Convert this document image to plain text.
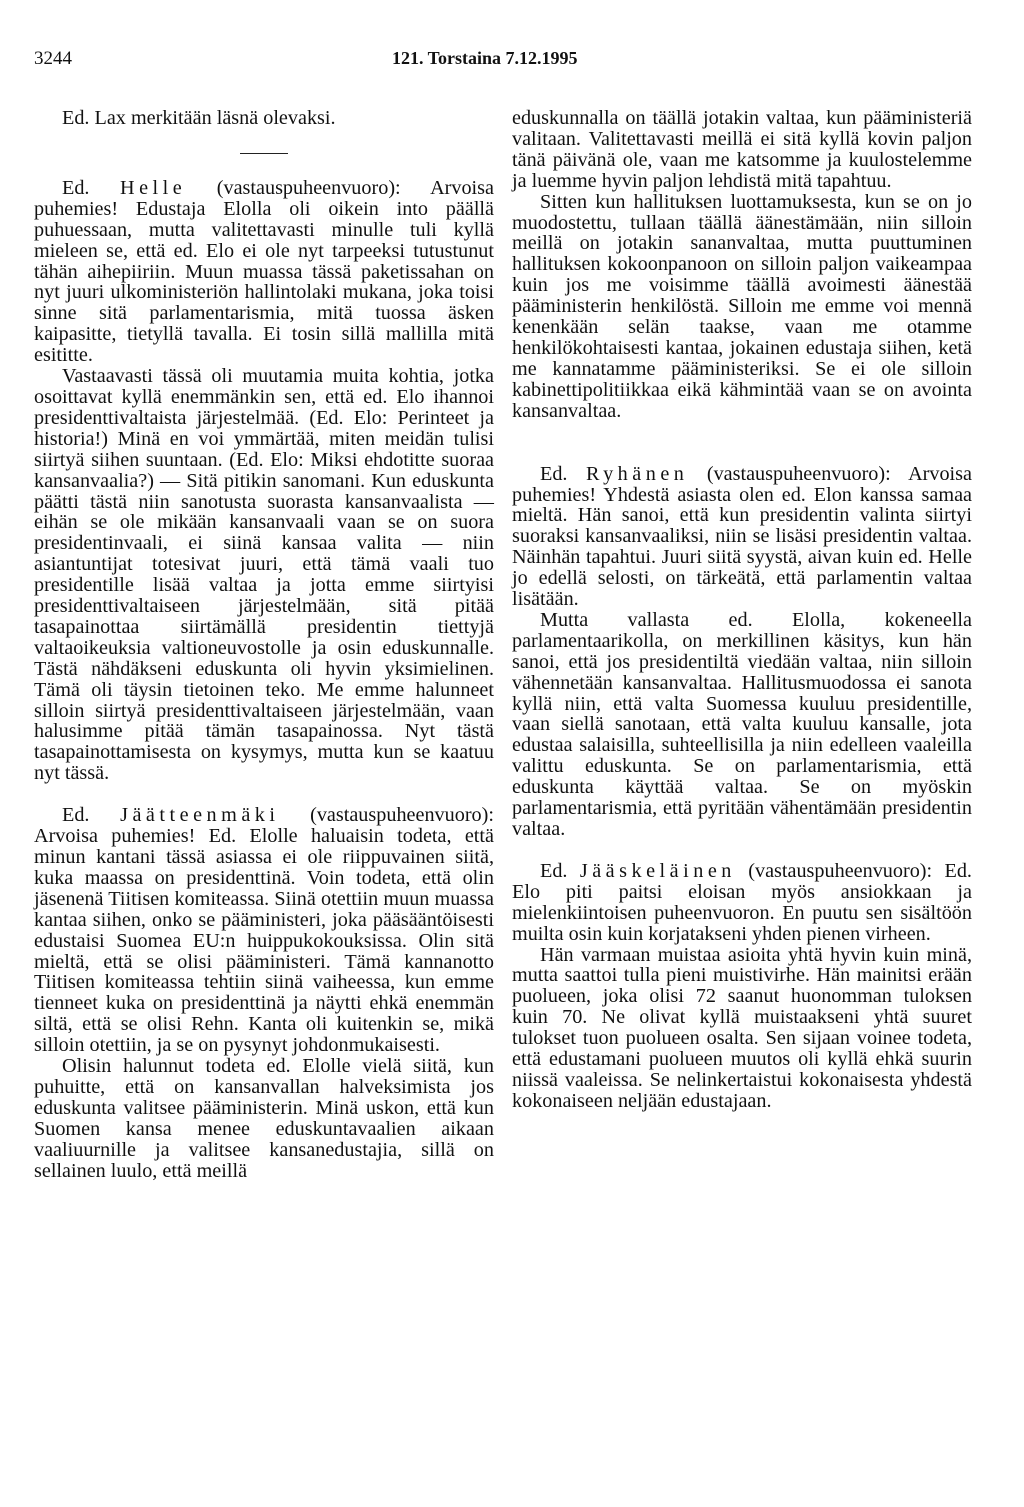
3244	121. Torstaina 7.12.1995

Ed. Lax merkitään läsnä olevaksi.

Ed. Helle (vastauspuheenvuoro): Arvoisa puhemies! Edustaja Elolla oli oikein into päällä puhuessaan, mutta valitettavasti minulle tuli kyllä mieleen se, että ed. Elo ei ole nyt tarpeeksi tutustunut tähän aihepiiriin. Muun muassa tässä paketissahan on nyt juuri ulkoministeriön hallintolaki mukana, joka toisi sinne sitä parlamentarismia, mitä tuossa äsken kaipasitte, tietyllä tavalla. Ei tosin sillä mallilla mitä esititte.

Vastaavasti tässä oli muutamia muita kohtia, jotka osoittavat kyllä enemmänkin sen, että ed. Elo ihannoi presidenttivaltaista järjestelmää. (Ed. Elo: Perinteet ja historia!) Minä en voi ymmärtää, miten meidän tulisi siirtyä siihen suuntaan. (Ed. Elo: Miksi ehdotitte suoraa kansanvaalia?) — Sitä pitikin sanomani. Kun eduskunta päätti tästä niin sanotusta suorasta kansanvaalista — eihän se ole mikään kansanvaali vaan se on suora presidentinvaali, ei siinä kansaa valita — niin asiantuntijat totesivat juuri, että tämä vaali tuo presidentille lisää valtaa ja jotta emme siirtyisi presidenttivaltaiseen järjestelmään, sitä pitää tasapainottaa siirtämällä presidentin tiettyjä valtaoikeuksia valtioneuvostolle ja osin eduskunnalle. Tästä nähdäkseni eduskunta oli hyvin yksimielinen. Tämä oli täysin tietoinen teko. Me emme halunneet silloin siirtyä presidenttivaltaiseen järjestelmään, vaan halusimme pitää tämän tasapainossa. Nyt tästä tasapainottamisesta on kysymys, mutta kun se kaatuu nyt tässä.

Ed. Jäätteenmäki (vastauspuheenvuoro): Arvoisa puhemies! Ed. Elolle haluaisin todeta, että minun kantani tässä asiassa ei ole riippuvainen siitä, kuka maassa on presidenttinä. Voin todeta, että olin jäsenenä Tiitisen komiteassa. Siinä otettiin muun muassa kantaa siihen, onko se pääministeri, joka pääsääntöisesti edustaisi Suomea EU:n huippukokouksissa. Olin sitä mieltä, että se olisi pääministeri. Tämä kannanotto Tiitisen komiteassa tehtiin siinä vaiheessa, kun emme tienneet kuka on presidenttinä ja näytti ehkä enemmän siltä, että se olisi Rehn. Kanta oli kuitenkin se, mikä silloin otettiin, ja se on pysynyt johdonmukaisesti.

Olisin halunnut todeta ed. Elolle vielä siitä, kun puhuitte, että on kansanvallan halveksimista jos eduskunta valitsee pääministerin. Minä uskon, että kun Suomen kansa menee eduskuntavaalien aikaan vaaliuurnille ja valitsee kansanedustajia, sillä on sellainen luulo, että meillä

eduskunnalla on täällä jotakin valtaa, kun pääministeriä valitaan. Valitettavasti meillä ei sitä kyllä kovin paljon tänä päivänä ole, vaan me katsomme ja kuulostelemme ja luemme hyvin paljon lehdistä mitä tapahtuu.

Sitten kun hallituksen luottamuksesta, kun se on jo muodostettu, tullaan täällä äänestämään, niin silloin meillä on jotakin sananvaltaa, mutta puuttuminen hallituksen kokoonpanoon on silloin paljon vaikeampaa kuin jos me voisimme täällä avoimesti äänestää pääministerin henkilöstä. Silloin me emme voi mennä kenenkään selän taakse, vaan me otamme henkilökohtaisesti kantaa, jokainen edustaja siihen, ketä me kannatamme pääministeriksi. Se ei ole silloin kabinettipolitiikkaa eikä kähmintää vaan se on avointa kansanvaltaa.

Ed. Ryhänen (vastauspuheenvuoro): Arvoisa puhemies! Yhdestä asiasta olen ed. Elon kanssa samaa mieltä. Hän sanoi, että kun presidentin valinta siirtyi suoraksi kansanvaaliksi, niin se lisäsi presidentin valtaa. Näinhän tapahtui. Juuri siitä syystä, aivan kuin ed. Helle jo edellä selosti, on tärkeätä, että parlamentin valtaa lisätään.

Mutta vallasta ed. Elolla, kokeneella parlamentaarikolla, on merkillinen käsitys, kun hän sanoi, että jos presidentiltä viedään valtaa, niin silloin vähennetään kansanvaltaa. Hallitusmuodossa ei sanota kyllä niin, että valta Suomessa kuuluu presidentille, vaan siellä sanotaan, että valta kuuluu kansalle, jota edustaa salaisilla, suhteellisilla ja niin edelleen vaaleilla valittu eduskunta. Se on parlamentarismia, että eduskunta käyttää valtaa. Se on myöskin parlamentarismia, että pyritään vähentämään presidentin valtaa.

Ed. Jääskeläinen (vastauspuheenvuoro): Ed. Elo piti paitsi eloisan myös ansiokkaan ja mielenkiintoisen puheenvuoron. En puutu sen sisältöön muilta osin kuin korjatakseni yhden pienen virheen.

Hän varmaan muistaa asioita yhtä hyvin kuin minä, mutta saattoi tulla pieni muistivirhe. Hän mainitsi erään puolueen, joka olisi 72 saanut huonomman tuloksen kuin 70. Ne olivat kyllä muistaakseni yhtä suuret tulokset tuon puolueen osalta. Sen sijaan voinee todeta, että edustamani puolueen muutos oli kyllä ehkä suurin niissä vaaleissa. Se nelinkertaistui kokonaisesta yhdestä kokonaiseen neljään edustajaan.
